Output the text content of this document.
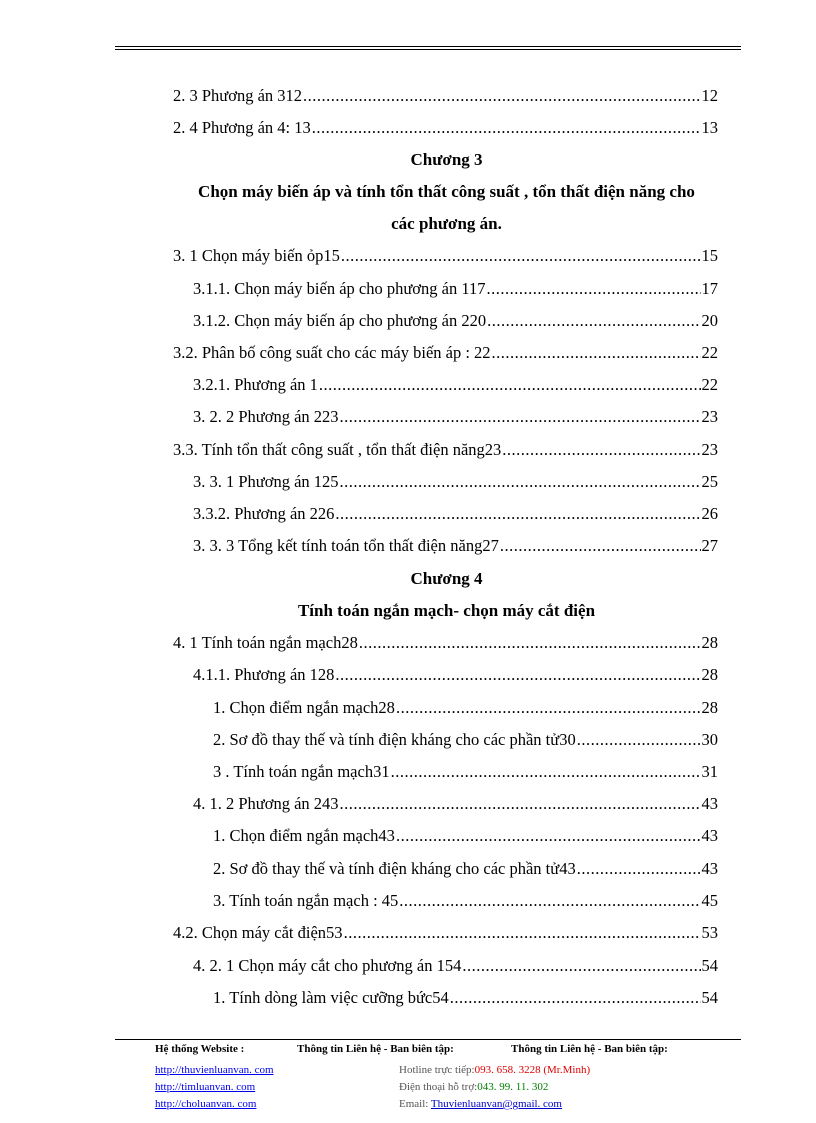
2. 3 Phương án 312 .....	12
2. 4 Phương án 4: 13 .....	13
Chương 3
Chọn máy biến áp và tính tổn thất công suất , tổn thất điện năng cho
các phương án.
3. 1 Chọn máy biến ỏp15 .....	15
3.1.1. Chọn máy biến áp cho phương án 117 .....	17
3.1.2. Chọn máy biến áp cho phương án 220 .....	20
3.2. Phân bố công suất cho các máy biến áp : 22 .....	22
3.2.1. Phương án 1 .....	22
3. 2. 2 Phương án 223 .....	23
3.3. Tính tổn thất công suất , tổn thất điện năng23 .....	23
3. 3. 1 Phương án 125 .....	25
3.3.2. Phương án 226 .....	26
3. 3. 3 Tổng kết tính toán tổn thất điện năng27 .....	27
Chương 4
Tính toán ngắn mạch- chọn máy cắt điện
4. 1 Tính toán ngắn mạch28 .....	28
4.1.1. Phương án 128 .....	28
1. Chọn điểm ngắn mạch28 .....	28
2. Sơ đồ thay thế và tính điện kháng cho các phần tử30 .....	30
3 . Tính toán ngắn mạch31 .....	31
4. 1. 2 Phương án 243 .....	43
1. Chọn điểm ngắn mạch43 .....	43
2. Sơ đồ thay thế và tính điện kháng cho các phần tử43 .....	43
3. Tính toán ngắn mạch : 45 .....	45
4.2. Chọn máy cắt điện53 .....	53
4. 2. 1 Chọn máy cắt cho phương án 154 .....	54
1. Tính dòng làm việc cưỡng bức54 .....	54
Hệ thống Website :	Thông tin Liên hệ - Ban biên tập:	Thông tin Liên hệ - Ban biên tập:
http://thuvienluanvan. com
http://timluanvan. com
http://choluanvan. com
Hotline trực tiếp:093. 658. 3228 (Mr.Minh)
Điện thoại hỗ trợ:043. 99. 11. 302
Email: Thuvienluanvan@gmail. com
